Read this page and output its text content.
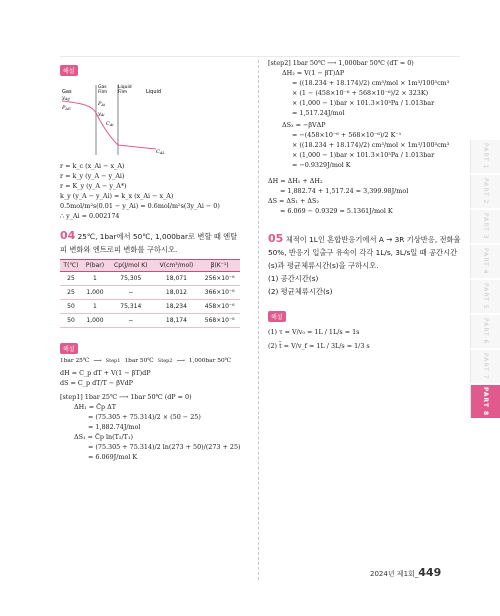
해설
Gas
Gas
Film
Liquid
Film	Liquid
$P_{AG}$
$y_{Ag}$
$P_{Ai}$
$y_{Ai}$
$C_{Ai}$
$C_{AL}$
r = k_c (x_Ai − x_A)
r = k_y (y_A − y_Ai)
r = K_y (y_A − y_A*)
k_y (y_A − y_Ai) = k_x (x_Ai − x_A)
0.5mol/m²s(0.01 − y_Ai) = 0.6mol/m²s(3y_Ai − 0)
∴ y_Ai = 0.002174
04 25℃, 1bar에서 50℃, 1,000bar로 변할 때 엔탈피 변화와 엔트로피 변화를 구하시오.
T(℃)	P(bar)	Cp(J/mol K)	V(cm³/mol)	β(K⁻¹)
25	1	75,305	18,071	256×10⁻⁶
25	1,000	−	18,012	366×10⁻⁶
50	1	75,314	18,234	458×10⁻⁶
50	1,000	−	18,174	568×10⁻⁶
해설
1bar 25℃ ⟶ Step1 1bar 50℃ Step2 ⟶ 1,000bar 50℃
dH = C_p dT + V(1 − βT)dP
dS = C_p dT/T − βVdP
[step1] 1bar 25℃ ⟶ 1bar 50℃ (dP = 0)
ΔH₁ = C̄p ΔT
= (75.305 + 75.314)/2 × (50 − 25)
= 1,882.74J/mol
ΔS₁ = C̄p ln(T₂/T₁)
= (75.305 + 75.314)/2 ln(273 + 50)/(273 + 25)
= 6.069J/mol K
[step2] 1bar 50℃ ⟶ 1,000bar 50℃ (dT = 0)
ΔH₂ = V(1 − βT)ΔP
= ((18.234 + 18.174)/2) cm³/mol × 1m³/100³cm³
× (1 − (458×10⁻⁶ + 568×10⁻⁶)/2 × 323K)
× (1,000 − 1)bar × 101.3×10³Pa / 1.013bar
= 1,517.24J/mol
ΔS₂ = −βVΔP
= −(458×10⁻⁶ + 568×10⁻⁶)/2 K⁻¹
× ((18.234 + 18.174)/2) cm³/mol × 1m³/100³cm³
× (1,000 − 1)bar × 101.3×10³Pa / 1.013bar
= −0.9329J/mol K
ΔH = ΔH₁ + ΔH₂
= 1,882.74 + 1,517.24 = 3,399.98J/mol
ΔS = ΔS₁ + ΔS₂
= 6.069 − 0.9329 = 5.1361J/mol K
05 체적이 1L인 혼합반응기에서 A → 3R 기상반응, 전화율 50%, 반응기 입출구 유속이 각각 1L/s, 3L/s일 때 공간시간(s)과 평균체류시간(s)을 구하시오.
(1) 공간시간(s)
(2) 평균체류시간(s)
해설
(1) τ = V/v₀ = 1L / 1L/s = 1s
(2) t̄ = V/v_f = 1L / 3L/s = 1/3 s
PART 1
PART 2
PART 3
PART 4
PART 5
PART 6
PART 7
PART 8
2024년 제1회_449
